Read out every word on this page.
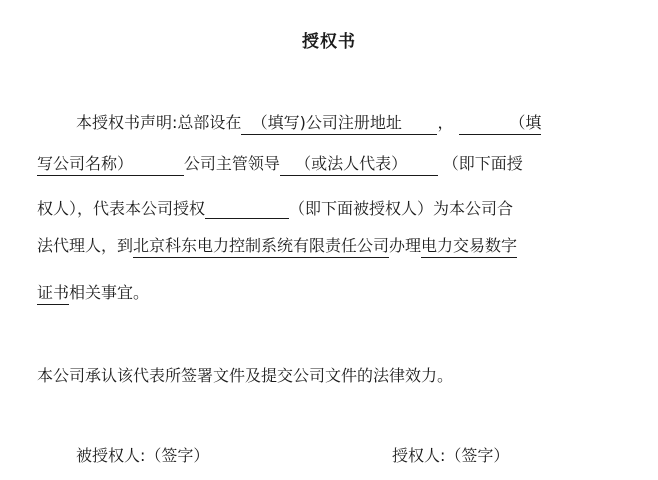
授权书
本授权书声明:总部设在 （填写)公司注册地址 ，	（填
写公司名称）	公司主管领导 （或法人代表） （即下面授
权人），代表本公司授权	（即下面被授权人）为本公司合
法代理人，到北京科东电力控制系统有限责任公司办理电力交易数字
证书相关事宜。
本公司承认该代表所签署文件及提交公司文件的法律效力。
被授权人:（签字）	授权人:（签字）
